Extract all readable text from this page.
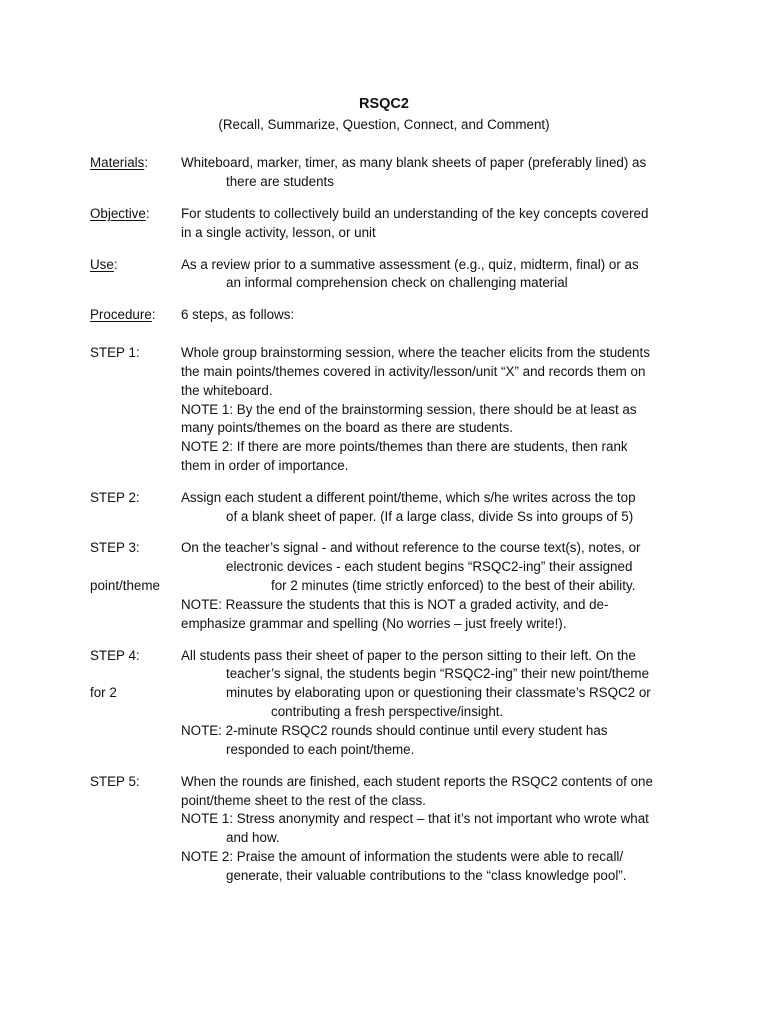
RSQC2
(Recall, Summarize, Question, Connect, and Comment)
Materials: Whiteboard, marker, timer, as many blank sheets of paper (preferably lined) as
there are students
Objective: For students to collectively build an understanding of the key concepts covered
in a single activity, lesson, or unit
Use:	As a review prior to a summative assessment (e.g., quiz, midterm, final) or as
an informal comprehension check on challenging material
Procedure: 6 steps, as follows:
STEP 1:	Whole group brainstorming session, where the teacher elicits from the students
the main points/themes covered in activity/lesson/unit “X” and records them on
the whiteboard.
NOTE 1: By the end of the brainstorming session, there should be at least as
many points/themes on the board as there are students.
NOTE 2: If there are more points/themes than there are students, then rank
them in order of importance.
STEP 2:	Assign each student a different point/theme, which s/he writes across the top
of a blank sheet of paper. (If a large class, divide Ss into groups of 5)
STEP 3:	On the teacher’s signal - and without reference to the course text(s), notes, or
electronic devices - each student begins “RSQC2-ing” their assigned
point/theme	for 2 minutes (time strictly enforced) to the best of their ability.
NOTE: Reassure the students that this is NOT a graded activity, and de-
emphasize grammar and spelling (No worries – just freely write!).
STEP 4:	All students pass their sheet of paper to the person sitting to their left. On the
teacher’s signal, the students begin “RSQC2-ing” their new point/theme
for 2	minutes by elaborating upon or questioning their classmate’s RSQC2 or
contributing a fresh perspective/insight.
NOTE: 2-minute RSQC2 rounds should continue until every student has
responded to each point/theme.
STEP 5:	When the rounds are finished, each student reports the RSQC2 contents of one
point/theme sheet to the rest of the class.
NOTE 1: Stress anonymity and respect – that it’s not important who wrote what
and how.
NOTE 2: Praise the amount of information the students were able to recall/
generate, their valuable contributions to the “class knowledge pool”.
